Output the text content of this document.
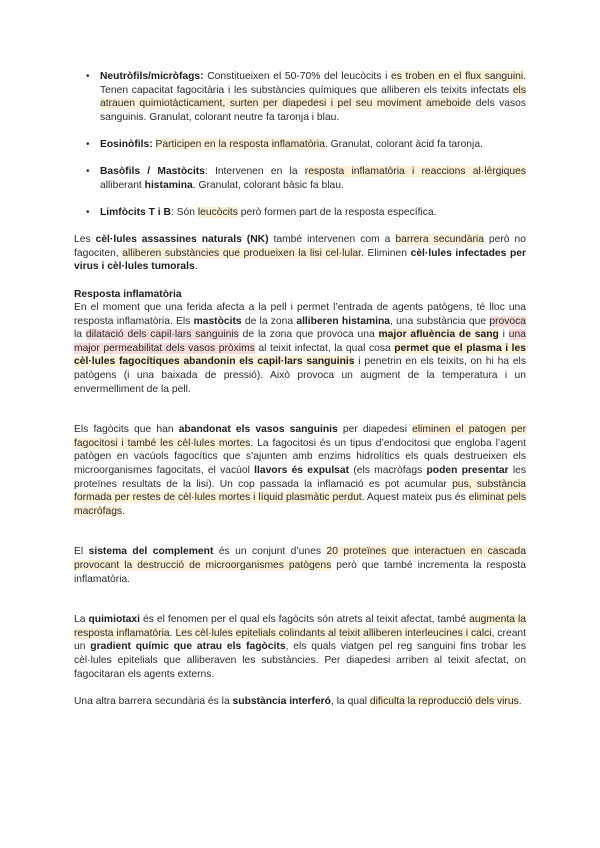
• Neutròfils/micròfags: Constitueixen el 50-70% del leucòcits i es troben en el flux sanguini. Tenen capacitat fagocitària i les substàncies químiques que alliberen els teixits infectats els atrauen quimiotàcticament, surten per diapedesi i pel seu moviment ameboide dels vasos sanguinis. Granulat, colorant neutre fa taronja i blau.
• Eosinòfils: Participen en la resposta inflamatòria. Granulat, colorant àcid fa taronja.
• Basòfils / Mastòcits: Intervenen en la resposta inflamatòria i reaccions al·lèrgiques alliberant histamina. Granulat, colorant bàsic fa blau.
• Limfòcits T i B: Són leucòcits però formen part de la resposta específica.

Les cèl·lules assassines naturals (NK) també intervenen com a barrera secundària però no fagociten, alliberen substàncies que produeixen la lisi cel·lular. Eliminen cèl·lules infectades per virus i cèl·lules tumorals.

Resposta inflamatòria

En el moment que una ferida afecta a la pell i permet l’entrada de agents patògens, té lloc una resposta inflamatòria. Els mastòcits de la zona alliberen histamina, una substància que provoca la dilatació dels capil·lars sanguinis de la zona que provoca una major afluència de sang i una major permeabilitat dels vasos pròxims al teixit infectat, la qual cosa permet que el plasma i les cèl·lules fagocítiques abandonin els capil·lars sanguinis i penetrin en els teixits, on hi ha els patògens (i una baixada de pressió). Això provoca un augment de la temperatura i un envermelliment de la pell.

Els fagòcits que han abandonat els vasos sanguinis per diapedesi eliminen el patogen per fagocitosi i també les cèl·lules mortes. La fagocitosi és un tipus d’endocitosi que engloba l’agent patògen en vacúols fagocítics que s’ajunten amb enzims hidrolítics els quals destrueixen els microorganismes fagocitats, el vacúol llavors és expulsat (els macròfags poden presentar les proteïnes resultats de la lisi). Un cop passada la inflamació es pot acumular pus, substància formada per restes de cèl·lules mortes i líquid plasmàtic perdut. Aquest mateix pus és eliminat pels macròfags.

El sistema del complement és un conjunt d’unes 20 proteïnes que interactuen en cascada provocant la destrucció de microorganismes patògens però que també incrementa la resposta inflamatòria.

La quimiotaxi és el fenomen per el qual els fagòcits són atrets al teixit afectat, també augmenta la resposta inflamatòria. Les cèl·lules epitelials colindants al teixit alliberen interleucines i calci, creant un gradient químic que atrau els fagòcits, els quals viatgen pel reg sanguini fins trobar les cèl·lules epitelials que alliberaven les substàncies. Per diapedesi arriben al teixit afectat, on fagocitaran els agents externs.

Una altra barrera secundària és la substància interferó, la qual dificulta la reproducció dels virus.
